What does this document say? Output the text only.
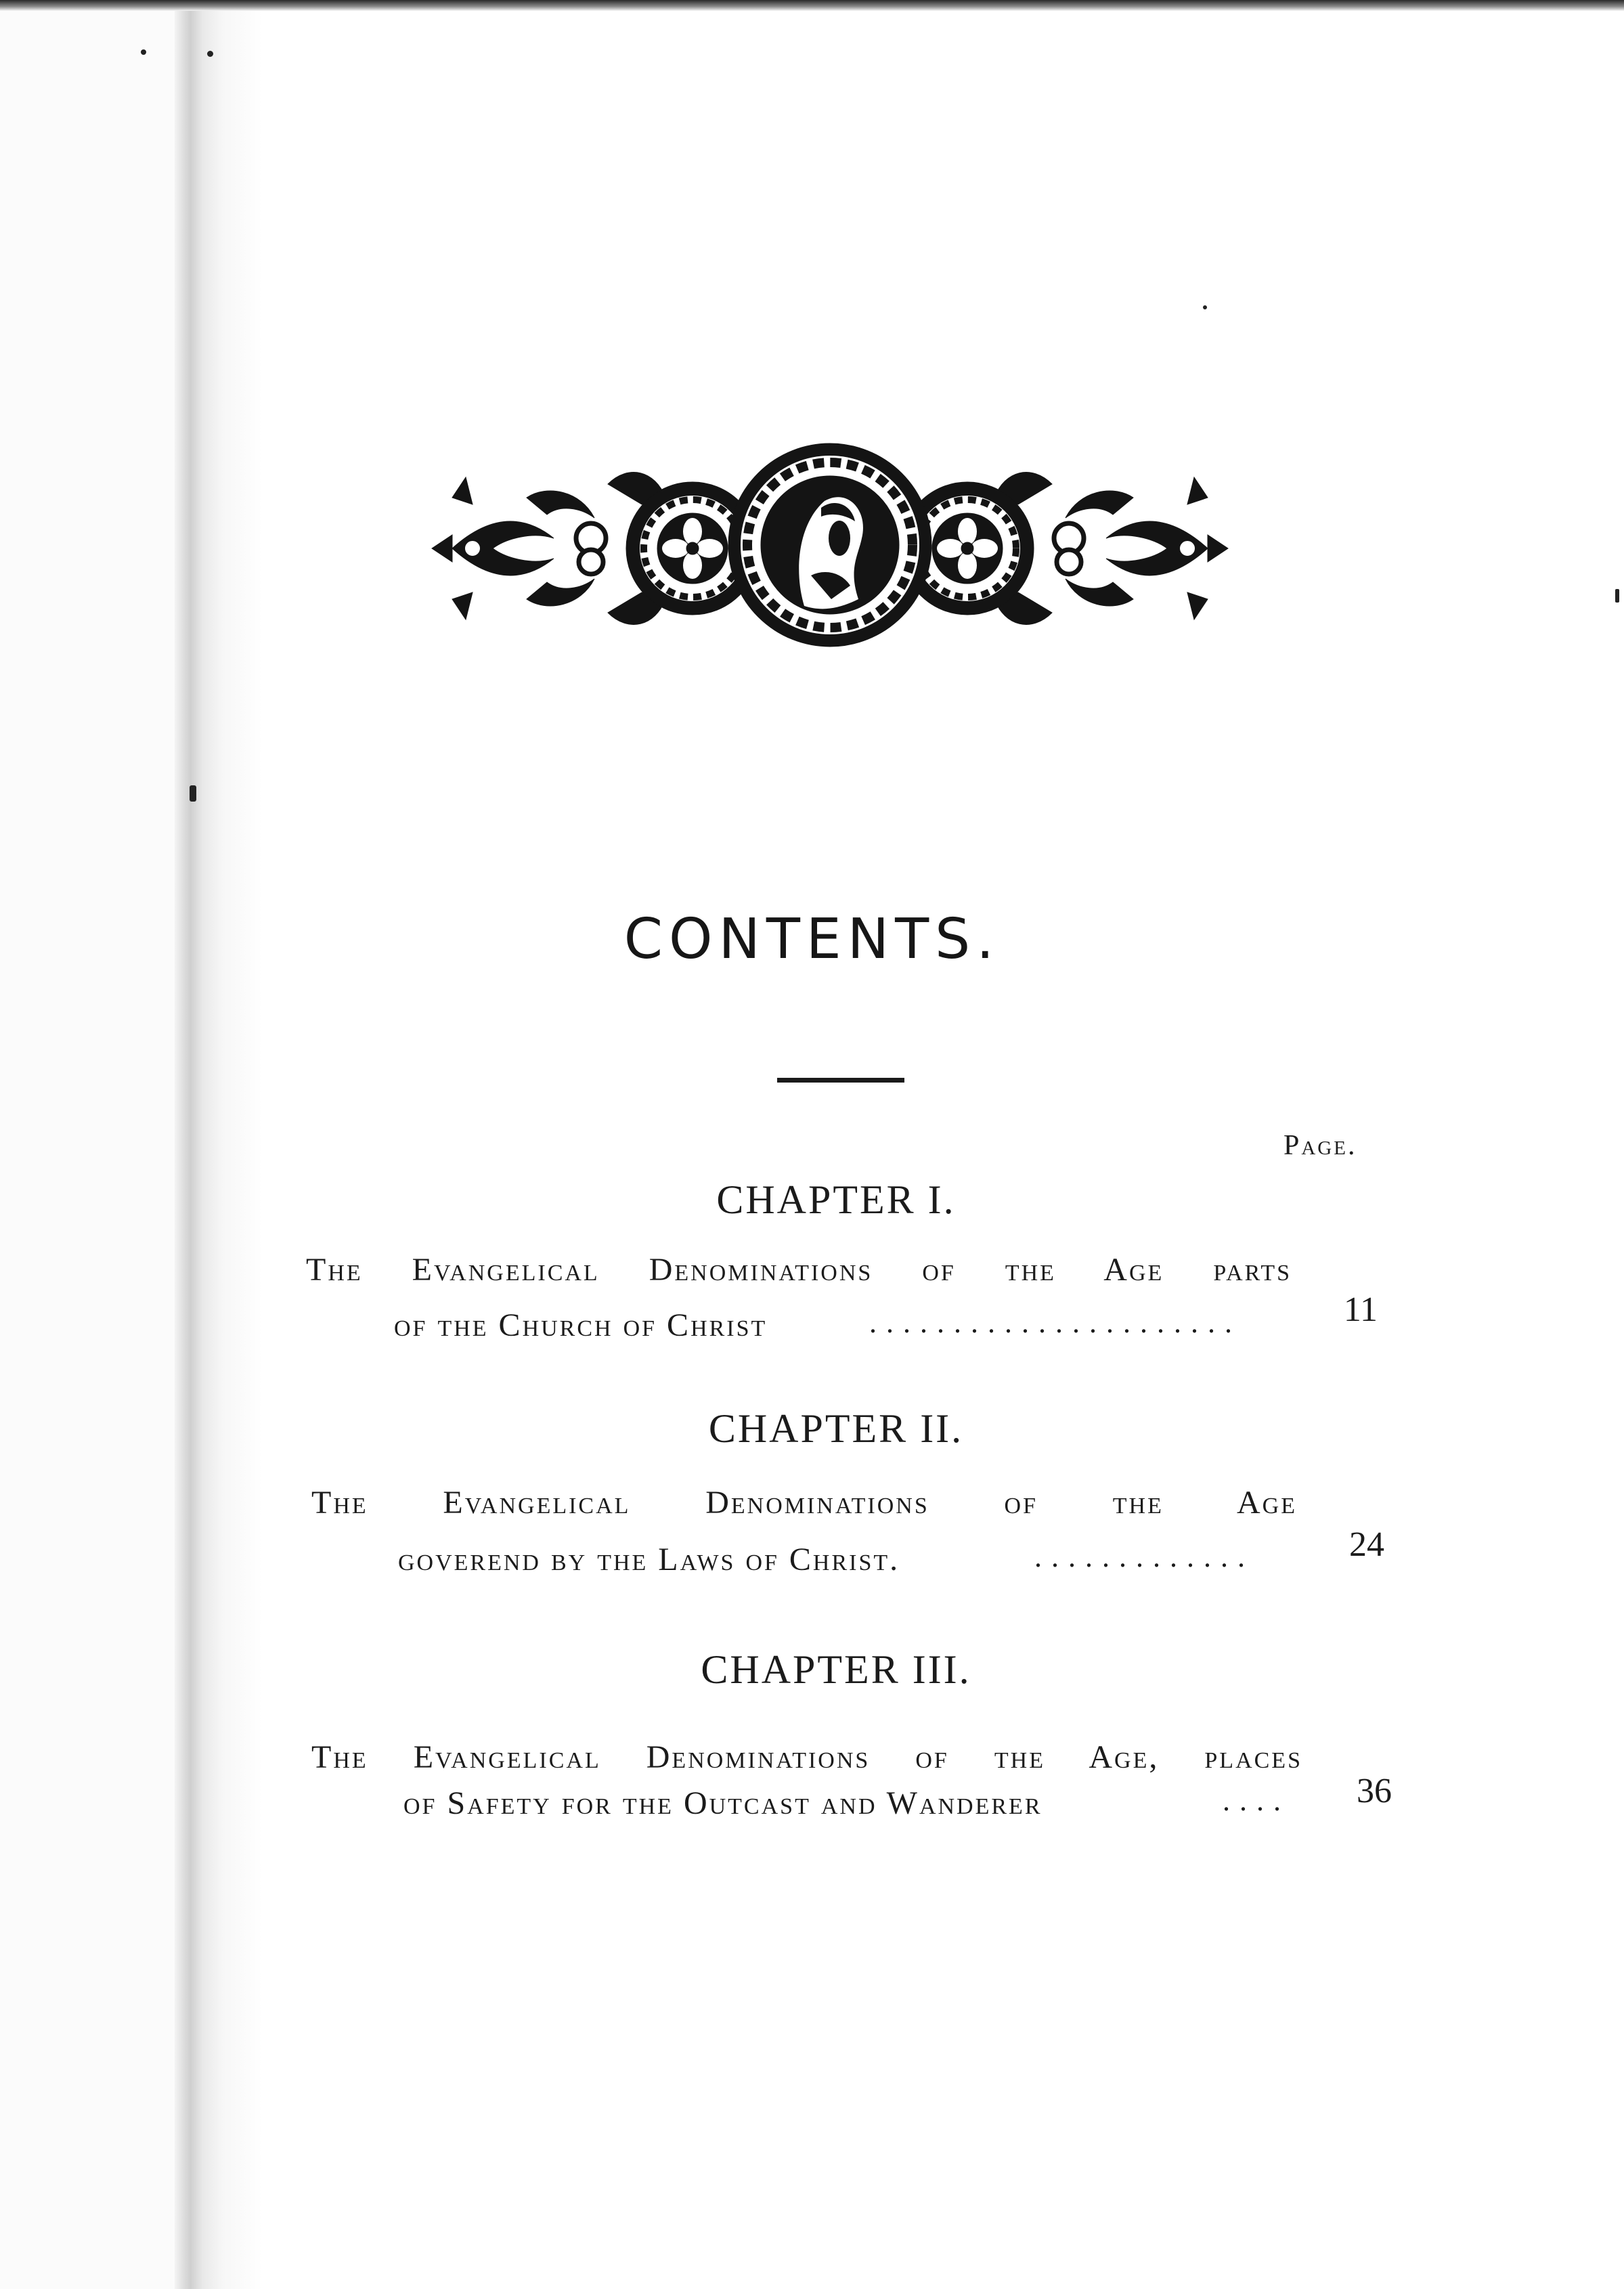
CONTENTS.
Page.
CHAPTER I.
The Evangelical Denominations of the Age parts
of the Church of Christ	......................	11
CHAPTER II.
The Evangelical Denominations of the Age
goverend by the Laws of Christ.	.............	24
CHAPTER III.
The Evangelical Denominations of the Age, places
of Safety for the Outcast and Wanderer	....	36
